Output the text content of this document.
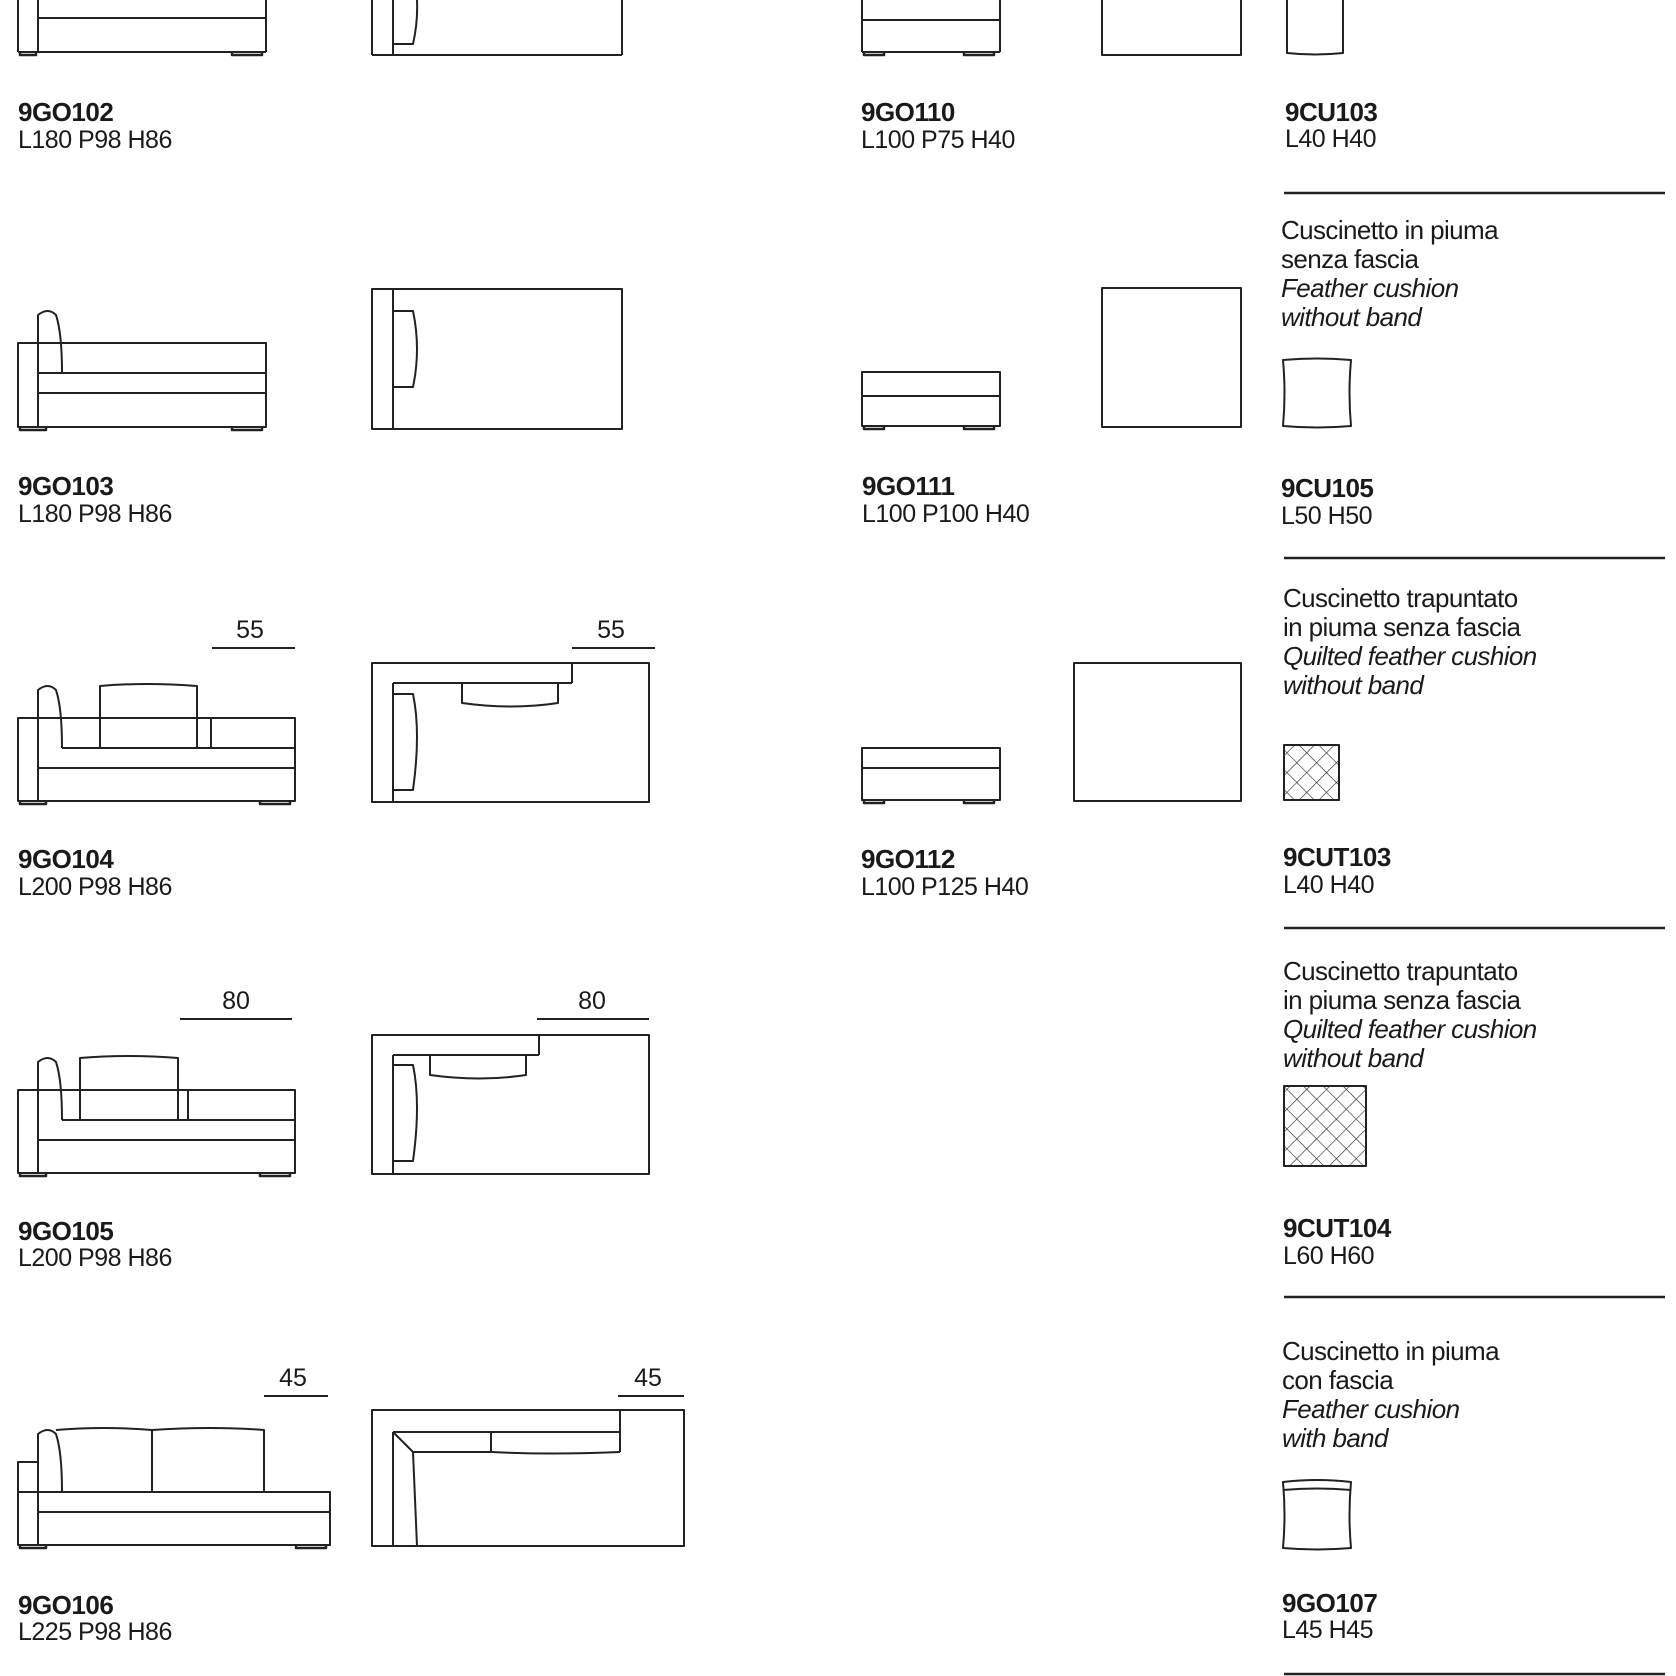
55	55
80	80
45	45
9GO102
L180 P98 H86
9GO103
L180 P98 H86
9GO104
L200 P98 H86
9GO105
L200 P98 H86
9GO106
L225 P98 H86
9GO110
L100 P75 H40
9GO111
L100 P100 H40
9GO112
L100 P125 H40
9CU103
L40 H40
Cuscinetto in piuma
senza fascia
Feather cushion
without band
9CU105
L50 H50
Cuscinetto trapuntato
in piuma senza fascia
Quilted feather cushion
without band
9CUT103
L40 H40
Cuscinetto trapuntato
in piuma senza fascia
Quilted feather cushion
without band
9CUT104
L60 H60
Cuscinetto in piuma
con fascia
Feather cushion
with band
9GO107
L45 H45
